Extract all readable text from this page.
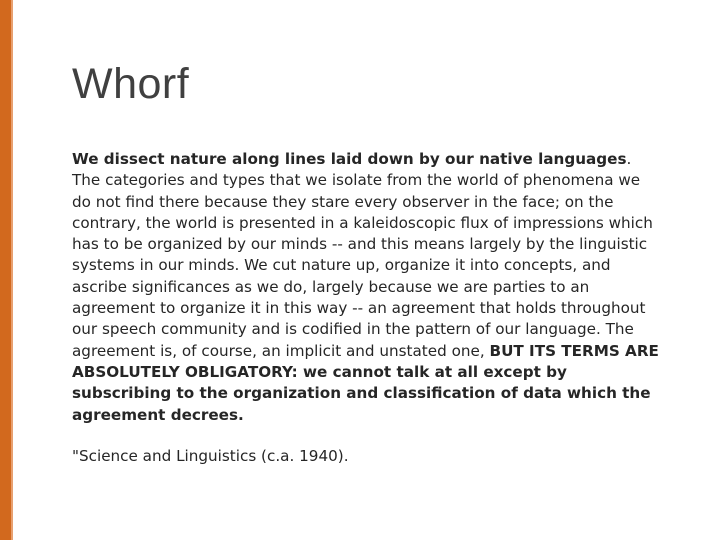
Whorf

We dissect nature along lines laid down by our native languages. The categories and types that we isolate from the world of phenomena we do not find there because they stare every observer in the face; on the contrary, the world is presented in a kaleidoscopic flux of impressions which has to be organized by our minds -- and this means largely by the linguistic systems in our minds. We cut nature up, organize it into concepts, and ascribe significances as we do, largely because we are parties to an agreement to organize it in this way -- an agreement that holds throughout our speech community and is codified in the pattern of our language. The agreement is, of course, an implicit and unstated one, BUT ITS TERMS ARE ABSOLUTELY OBLIGATORY: we cannot talk at all except by subscribing to the organization and classification of data which the agreement decrees.

"Science and Linguistics (c.a. 1940).
